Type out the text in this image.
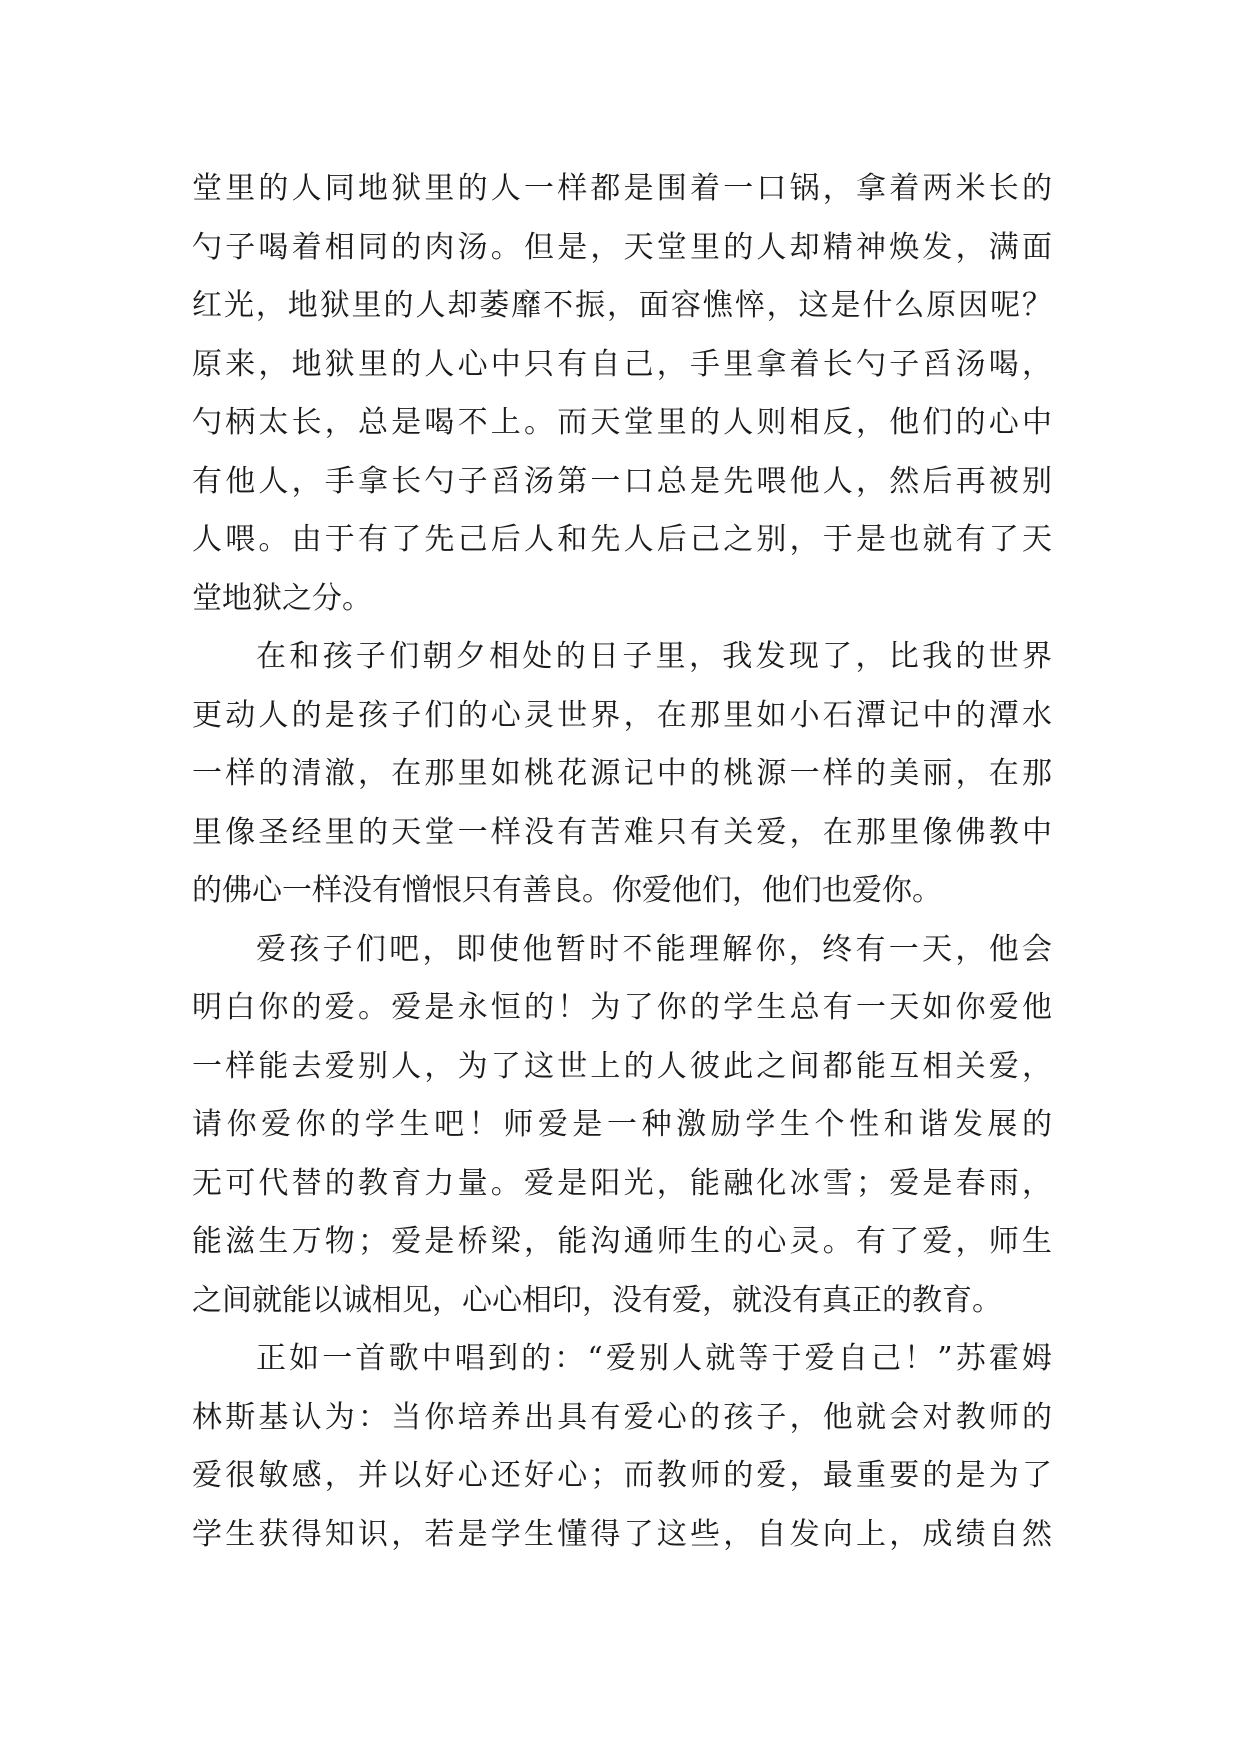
堂里的人同地狱里的人一样都是围着一口锅，拿着两米长的
勺子喝着相同的肉汤。但是，天堂里的人却精神焕发，满面
红光，地狱里的人却萎靡不振，面容憔悴，这是什么原因呢？
原来，地狱里的人心中只有自己，手里拿着长勺子舀汤喝，
勺柄太长，总是喝不上。而天堂里的人则相反，他们的心中
有他人，手拿长勺子舀汤第一口总是先喂他人，然后再被别
人喂。由于有了先己后人和先人后己之别，于是也就有了天
堂地狱之分。
在和孩子们朝夕相处的日子里，我发现了，比我的世界
更动人的是孩子们的心灵世界，在那里如小石潭记中的潭水
一样的清澈，在那里如桃花源记中的桃源一样的美丽，在那
里像圣经里的天堂一样没有苦难只有关爱，在那里像佛教中
的佛心一样没有憎恨只有善良。你爱他们，他们也爱你。
爱孩子们吧，即使他暂时不能理解你，终有一天，他会
明白你的爱。爱是永恒的！为了你的学生总有一天如你爱他
一样能去爱别人，为了这世上的人彼此之间都能互相关爱，
请你爱你的学生吧！师爱是一种激励学生个性和谐发展的
无可代替的教育力量。爱是阳光，能融化冰雪；爱是春雨，
能滋生万物；爱是桥梁，能沟通师生的心灵。有了爱，师生
之间就能以诚相见，心心相印，没有爱，就没有真正的教育。
正如一首歌中唱到的：“爱别人就等于爱自己！”苏霍姆
林斯基认为：当你培养出具有爱心的孩子，他就会对教师的
爱很敏感，并以好心还好心；而教师的爱，最重要的是为了
学生获得知识，若是学生懂得了这些，自发向上，成绩自然
